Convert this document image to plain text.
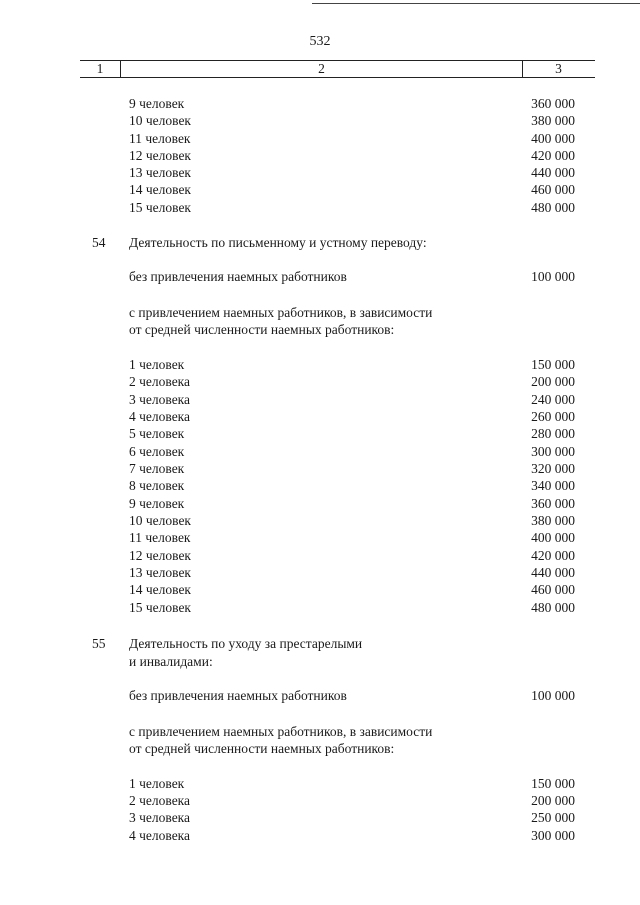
532
1	2	3
9 человек	360 000
10 человек	380 000
11 человек	400 000
12 человек	420 000
13 человек	440 000
14 человек	460 000
15 человек	480 000
54 Деятельность по письменному и устному переводу:
без привлечения наемных работников	100 000
с привлечением наемных работников, в зависимости
от средней численности наемных работников:
1 человек	150 000
2 человека	200 000
3 человека	240 000
4 человека	260 000
5 человек	280 000
6 человек	300 000
7 человек	320 000
8 человек	340 000
9 человек	360 000
10 человек	380 000
11 человек	400 000
12 человек	420 000
13 человек	440 000
14 человек	460 000
15 человек	480 000
55 Деятельность по уходу за престарелыми
и инвалидами:
без привлечения наемных работников	100 000
с привлечением наемных работников, в зависимости
от средней численности наемных работников:
1 человек	150 000
2 человека	200 000
3 человека	250 000
4 человека	300 000
